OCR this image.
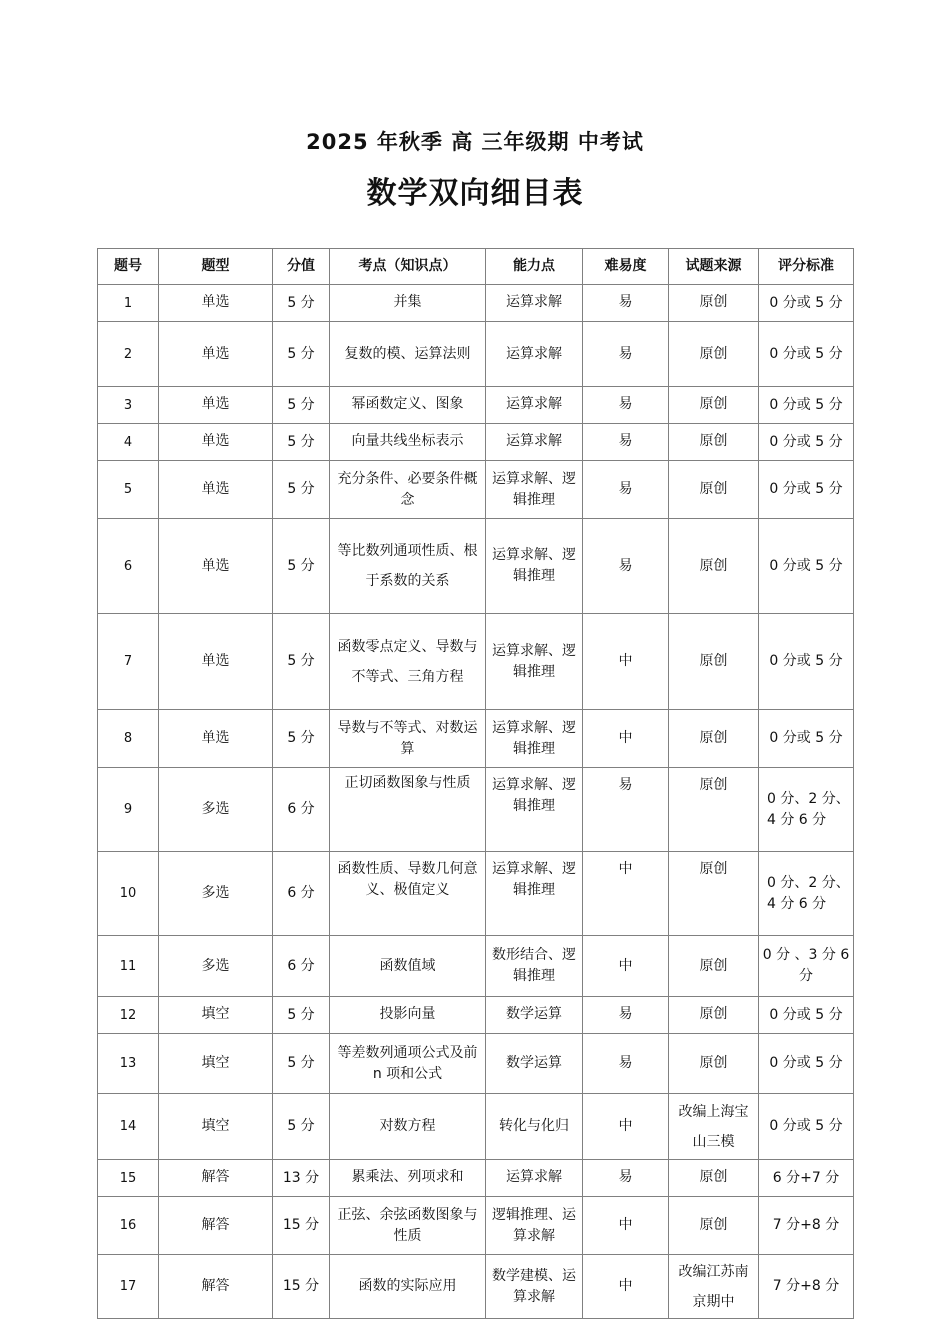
2025 年秋季 高 三年级期 中考试
数学双向细目表
题号	题型	分值	考点（知识点）	能力点	难易度	试题来源	评分标准
1	单选	5 分	并集	运算求解	易	原创	0 分或 5 分
2	单选	5 分	复数的模、运算法则	运算求解	易	原创	0 分或 5 分
3	单选	5 分	幂函数定义、图象	运算求解	易	原创	0 分或 5 分
4	单选	5 分	向量共线坐标表示	运算求解	易	原创	0 分或 5 分
5	单选	5 分	充分条件、必要条件概念	运算求解、逻辑推理	易	原创	0 分或 5 分
6	单选	5 分	等比数列通项性质、根于系数的关系	运算求解、逻辑推理	易	原创	0 分或 5 分
7	单选	5 分	函数零点定义、导数与不等式、三角方程	运算求解、逻辑推理	中	原创	0 分或 5 分
8	单选	5 分	导数与不等式、对数运算	运算求解、逻辑推理	中	原创	0 分或 5 分
9	多选	6 分	正切函数图象与性质	运算求解、逻辑推理	易	原创	0 分、2 分、 4 分 6 分
10	多选	6 分	函数性质、导数几何意义、极值定义	运算求解、逻辑推理	中	原创	0 分、2 分、 4 分 6 分
11	多选	6 分	函数值域	数形结合、逻辑推理	中	原创	0 分 、3 分 6 分
12	填空	5 分	投影向量	数学运算	易	原创	0 分或 5 分
13	填空	5 分	等差数列通项公式及前 n 项和公式	数学运算	易	原创	0 分或 5 分
14	填空	5 分	对数方程	转化与化归	中	改编上海宝山三模	0 分或 5 分
15	解答	13 分	累乘法、列项求和	运算求解	易	原创	6 分+7 分
16	解答	15 分	正弦、余弦函数图象与性质	逻辑推理、运算求解	中	原创	7 分+8 分
17	解答	15 分	函数的实际应用	数学建模、运算求解	中	改编江苏南京期中	7 分+8 分
